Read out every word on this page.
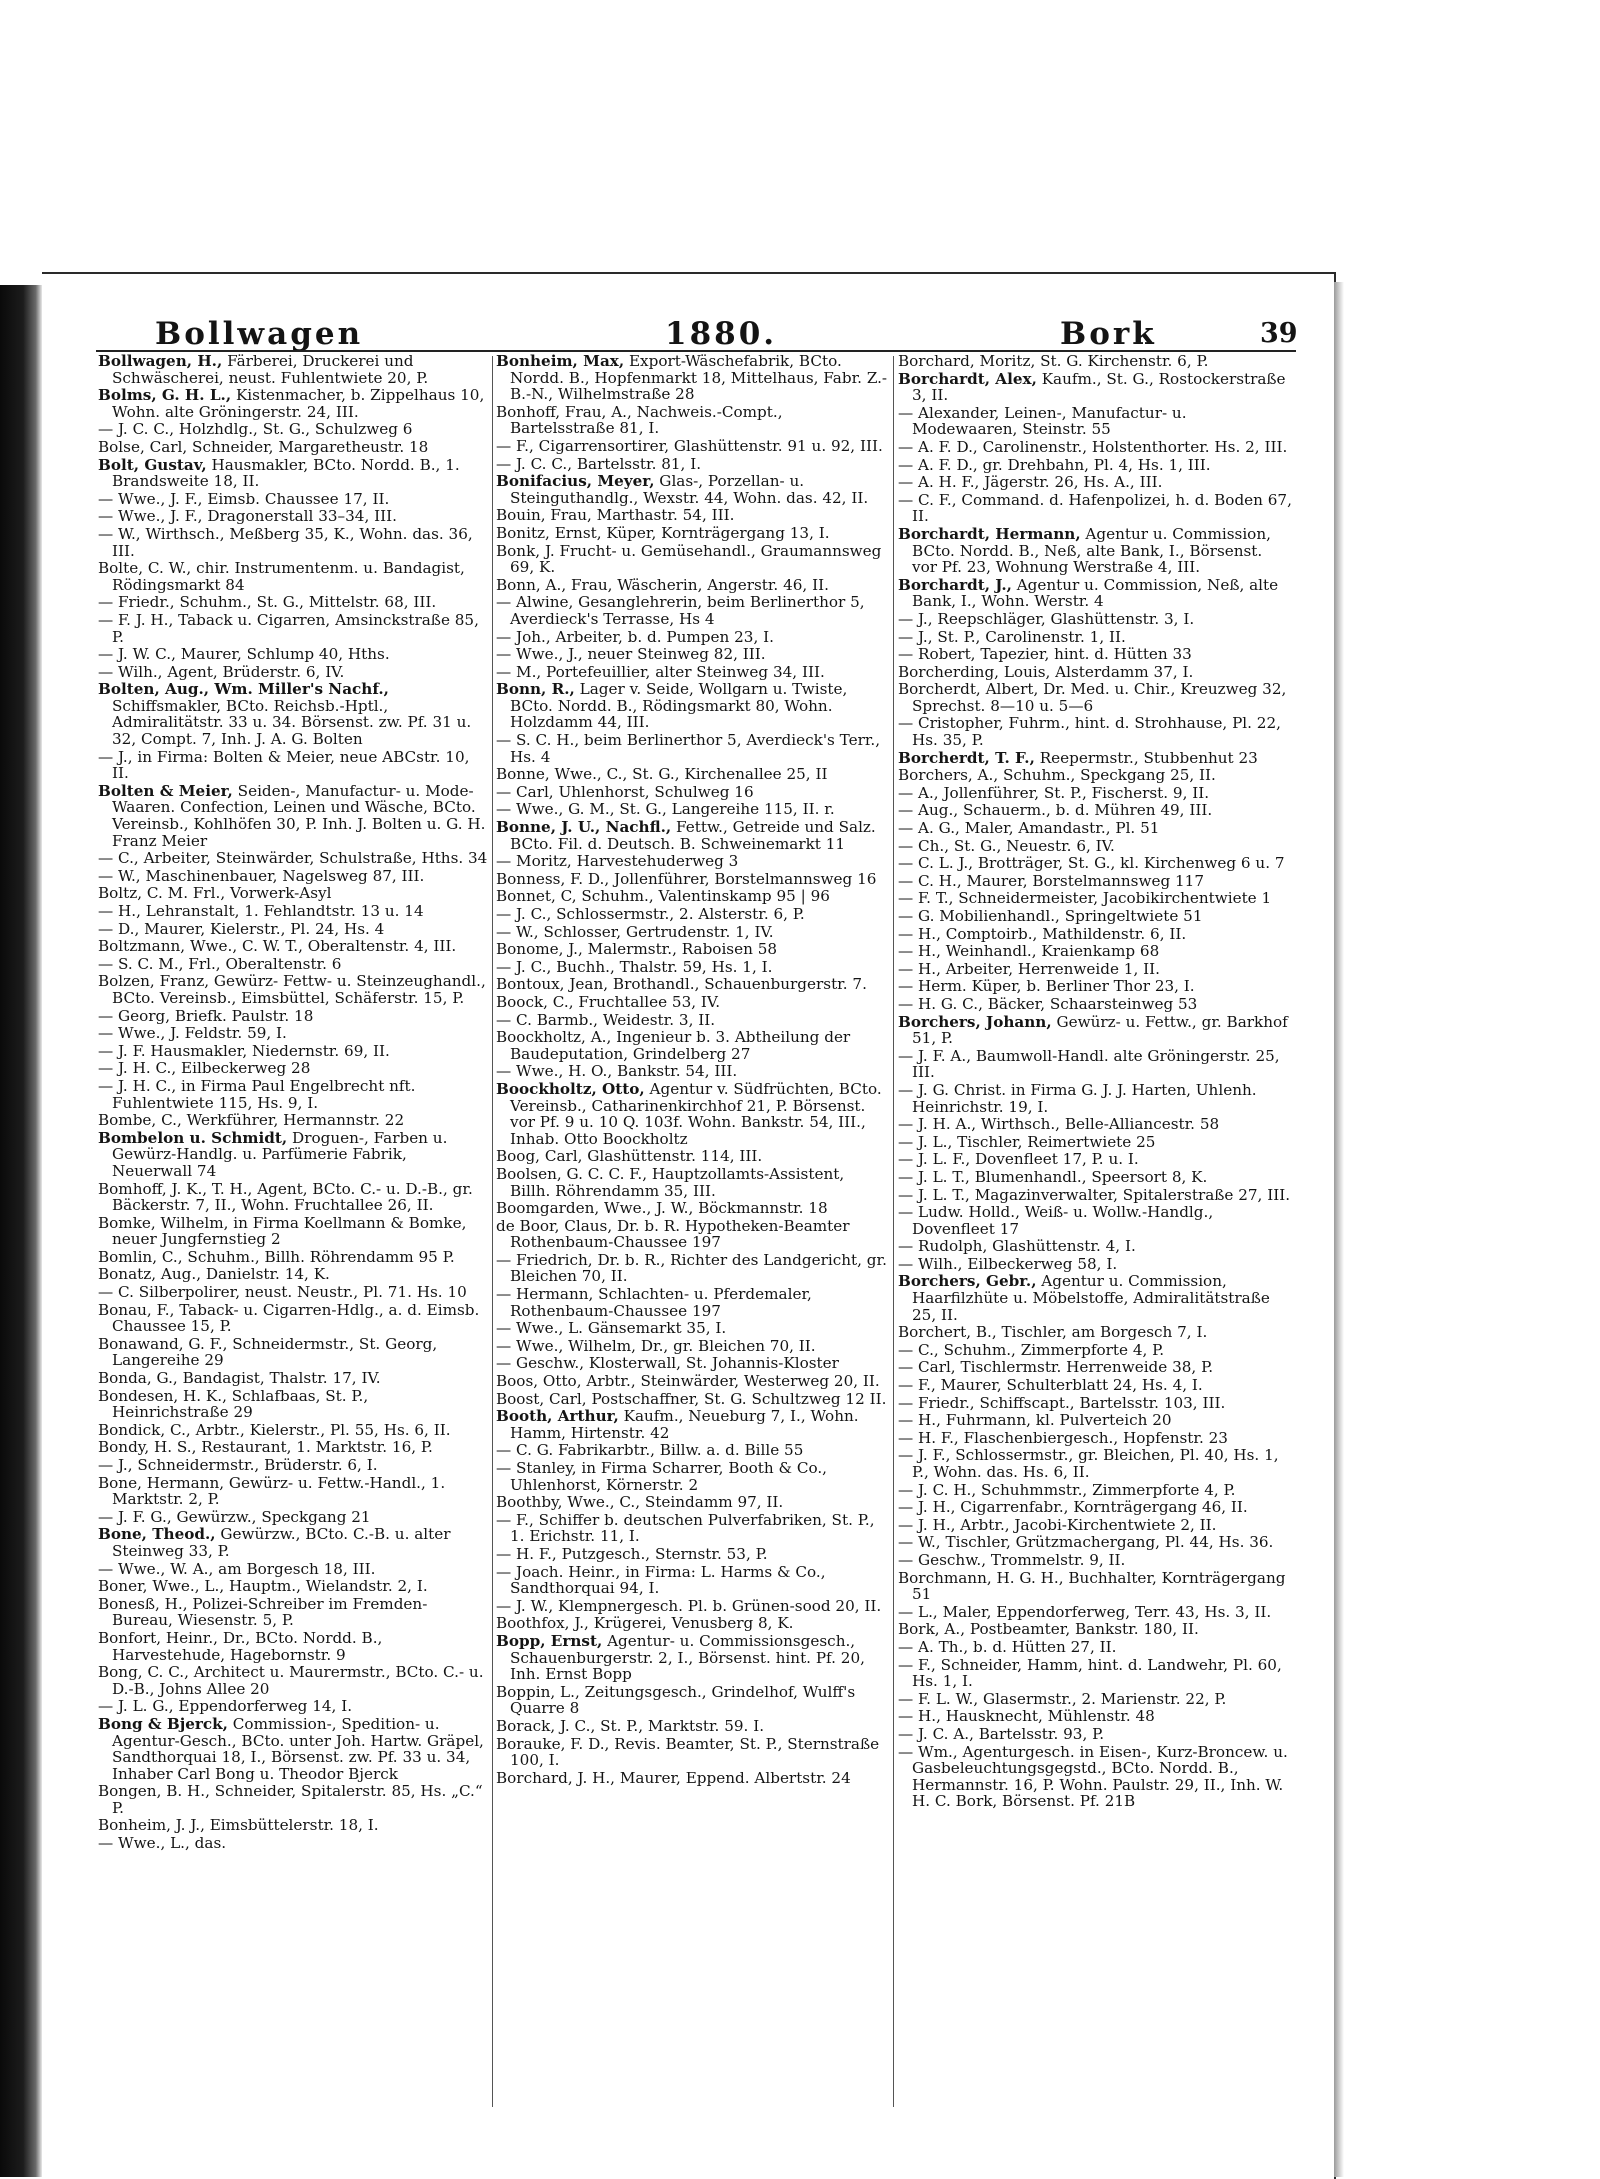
Bollwagen	1880.	Bork	39
Bollwagen, H., Färberei, Druckerei und Schwäscherei, neust. Fuhlentwiete 20, P.
Bolms, G. H. L., Kistenmacher, b. Zippelhaus 10, Wohn. alte Gröningerstr. 24, III.
— J. C. C., Holzhdlg., St. G., Schulzweg 6
Bolse, Carl, Schneider, Margaretheustr. 18
Bolt, Gustav, Hausmakler, BCto. Nordd. B., 1. Brandsweite 18, II.
— Wwe., J. F., Eimsb. Chaussee 17, II.
— Wwe., J. F., Dragonerstall 33–34, III.
— W., Wirthsch., Meßberg 35, K., Wohn. das. 36, III.
Bolte, C. W., chir. Instrumentenm. u. Bandagist, Rödingsmarkt 84
— Friedr., Schuhm., St. G., Mittelstr. 68, III.
— F. J. H., Taback u. Cigarren, Amsinckstraße 85, P.
— J. W. C., Maurer, Schlump 40, Hths.
— Wilh., Agent, Brüderstr. 6, IV.
Bolten, Aug., Wm. Miller's Nachf., Schiffsmakler, BCto. Reichsb.-Hptl., Admiralitätstr. 33 u. 34. Börsenst. zw. Pf. 31 u. 32, Compt. 7, Inh. J. A. G. Bolten
— J., in Firma: Bolten & Meier, neue ABCstr. 10, II.
Bolten & Meier, Seiden-, Manufactur- u. Mode-Waaren. Confection, Leinen und Wäsche, BCto. Vereinsb., Kohlhöfen 30, P. Inh. J. Bolten u. G. H. Franz Meier
— C., Arbeiter, Steinwärder, Schulstraße, Hths. 34
— W., Maschinenbauer, Nagelsweg 87, III.
Boltz, C. M. Frl., Vorwerk-Asyl
— H., Lehranstalt, 1. Fehlandtstr. 13 u. 14
— D., Maurer, Kielerstr., Pl. 24, Hs. 4
Boltzmann, Wwe., C. W. T., Oberaltenstr. 4, III.
— S. C. M., Frl., Oberaltenstr. 6
Bolzen, Franz, Gewürz- Fettw- u. Steinzeughandl., BCto. Vereinsb., Eimsbüttel, Schäferstr. 15, P.
— Georg, Briefk. Paulstr. 18
— Wwe., J. Feldstr. 59, I.
— J. F. Hausmakler, Niedernstr. 69, II.
— J. H. C., Eilbeckerweg 28
— J. H. C., in Firma Paul Engelbrecht nft. Fuhlentwiete 115, Hs. 9, I.
Bombe, C., Werkführer, Hermannstr. 22
Bombelon u. Schmidt, Droguen-, Farben u. Gewürz-Handlg. u. Parfümerie Fabrik, Neuerwall 74
Bomhoff, J. K., T. H., Agent, BCto. C.- u. D.-B., gr. Bäckerstr. 7, II., Wohn. Fruchtallee 26, II.
Bomke, Wilhelm, in Firma Koellmann & Bomke, neuer Jungfernstieg 2
Bomlin, C., Schuhm., Billh. Röhrendamm 95 P.
Bonatz, Aug., Danielstr. 14, K.
— C. Silberpolirer, neust. Neustr., Pl. 71. Hs. 10
Bonau, F., Taback- u. Cigarren-Hdlg., a. d. Eimsb. Chaussee 15, P.
Bonawand, G. F., Schneidermstr., St. Georg, Langereihe 29
Bonda, G., Bandagist, Thalstr. 17, IV.
Bondesen, H. K., Schlafbaas, St. P., Heinrichstraße 29
Bondick, C., Arbtr., Kielerstr., Pl. 55, Hs. 6, II.
Bondy, H. S., Restaurant, 1. Marktstr. 16, P.
— J., Schneidermstr., Brüderstr. 6, I.
Bone, Hermann, Gewürz- u. Fettw.-Handl., 1. Marktstr. 2, P.
— J. F. G., Gewürzw., Speckgang 21
Bone, Theod., Gewürzw., BCto. C.-B. u. alter Steinweg 33, P.
— Wwe., W. A., am Borgesch 18, III.
Boner, Wwe., L., Hauptm., Wielandstr. 2, I.
Bonesß, H., Polizei-Schreiber im Fremden-Bureau, Wiesenstr. 5, P.
Bonfort, Heinr., Dr., BCto. Nordd. B., Harvestehude, Hagebornstr. 9
Bong, C. C., Architect u. Maurermstr., BCto. C.- u. D.-B., Johns Allee 20
— J. L. G., Eppendorferweg 14, I.
Bong & Bjerck, Commission-, Spedition- u. Agentur-Gesch., BCto. unter Joh. Hartw. Gräpel, Sandthorquai 18, I., Börsenst. zw. Pf. 33 u. 34, Inhaber Carl Bong u. Theodor Bjerck
Bongen, B. H., Schneider, Spitalerstr. 85, Hs. „C.“ P.
Bonheim, J. J., Eimsbüttelerstr. 18, I.
— Wwe., L., das.
Bonheim, Max, Export-Wäschefabrik, BCto. Nordd. B., Hopfenmarkt 18, Mittelhaus, Fabr. Z.-B.-N., Wilhelmstraße 28
Bonhoff, Frau, A., Nachweis.-Compt., Bartelsstraße 81, I.
— F., Cigarrensortirer, Glashüttenstr. 91 u. 92, III.
— J. C. C., Bartelsstr. 81, I.
Bonifacius, Meyer, Glas-, Porzellan- u. Steinguthandlg., Wexstr. 44, Wohn. das. 42, II.
Bouin, Frau, Marthastr. 54, III.
Bonitz, Ernst, Küper, Kornträgergang 13, I.
Bonk, J. Frucht- u. Gemüsehandl., Graumannsweg 69, K.
Bonn, A., Frau, Wäscherin, Angerstr. 46, II.
— Alwine, Gesanglehrerin, beim Berlinerthor 5, Averdieck's Terrasse, Hs 4
— Joh., Arbeiter, b. d. Pumpen 23, I.
— Wwe., J., neuer Steinweg 82, III.
— M., Portefeuillier, alter Steinweg 34, III.
Bonn, R., Lager v. Seide, Wollgarn u. Twiste, BCto. Nordd. B., Rödingsmarkt 80, Wohn. Holzdamm 44, III.
— S. C. H., beim Berlinerthor 5, Averdieck's Terr., Hs. 4
Bonne, Wwe., C., St. G., Kirchenallee 25, II
— Carl, Uhlenhorst, Schulweg 16
— Wwe., G. M., St. G., Langereihe 115, II. r.
Bonne, J. U., Nachfl., Fettw., Getreide und Salz. BCto. Fil. d. Deutsch. B. Schweinemarkt 11
— Moritz, Harvestehuderweg 3
Bonness, F. D., Jollenführer, Borstelmannsweg 16
Bonnet, C, Schuhm., Valentinskamp 95 | 96
— J. C., Schlossermstr., 2. Alsterstr. 6, P.
— W., Schlosser, Gertrudenstr. 1, IV.
Bonome, J., Malermstr., Raboisen 58
— J. C., Buchh., Thalstr. 59, Hs. 1, I.
Bontoux, Jean, Brothandl., Schauenburgerstr. 7.
Boock, C., Fruchtallee 53, IV.
— C. Barmb., Weidestr. 3, II.
Boockholtz, A., Ingenieur b. 3. Abtheilung der Baudeputation, Grindelberg 27
— Wwe., H. O., Bankstr. 54, III.
Boockholtz, Otto, Agentur v. Südfrüchten, BCto. Vereinsb., Catharinenkirchhof 21, P. Börsenst. vor Pf. 9 u. 10 Q. 103f. Wohn. Bankstr. 54, III., Inhab. Otto Boockholtz
Boog, Carl, Glashüttenstr. 114, III.
Boolsen, G. C. C. F., Hauptzollamts-Assistent, Billh. Röhrendamm 35, III.
Boomgarden, Wwe., J. W., Böckmannstr. 18
de Boor, Claus, Dr. b. R. Hypotheken-Beamter Rothenbaum-Chaussee 197
— Friedrich, Dr. b. R., Richter des Landgericht, gr. Bleichen 70, II.
— Hermann, Schlachten- u. Pferdemaler, Rothenbaum-Chaussee 197
— Wwe., L. Gänsemarkt 35, I.
— Wwe., Wilhelm, Dr., gr. Bleichen 70, II.
— Geschw., Klosterwall, St. Johannis-Kloster
Boos, Otto, Arbtr., Steinwärder, Westerweg 20, II.
Boost, Carl, Postschaffner, St. G. Schultzweg 12 II.
Booth, Arthur, Kaufm., Neueburg 7, I., Wohn. Hamm, Hirtenstr. 42
— C. G. Fabrikarbtr., Billw. a. d. Bille 55
— Stanley, in Firma Scharrer, Booth & Co., Uhlenhorst, Körnerstr. 2
Boothby, Wwe., C., Steindamm 97, II.
— F., Schiffer b. deutschen Pulverfabriken, St. P., 1. Erichstr. 11, I.
— H. F., Putzgesch., Sternstr. 53, P.
— Joach. Heinr., in Firma: L. Harms & Co., Sandthorquai 94, I.
— J. W., Klempnergesch. Pl. b. Grünen-sood 20, II.
Boothfox, J., Krügerei, Venusberg 8, K.
Bopp, Ernst, Agentur- u. Commissionsgesch., Schauenburgerstr. 2, I., Börsenst. hint. Pf. 20, Inh. Ernst Bopp
Boppin, L., Zeitungsgesch., Grindelhof, Wulff's Quarre 8
Borack, J. C., St. P., Marktstr. 59. I.
Borauke, F. D., Revis. Beamter, St. P., Sternstraße 100, I.
Borchard, J. H., Maurer, Eppend. Albertstr. 24
Borchard, Moritz, St. G. Kirchenstr. 6, P.
Borchardt, Alex, Kaufm., St. G., Rostockerstraße 3, II.
— Alexander, Leinen-, Manufactur- u. Modewaaren, Steinstr. 55
— A. F. D., Carolinenstr., Holstenthorter. Hs. 2, III.
— A. F. D., gr. Drehbahn, Pl. 4, Hs. 1, III.
— A. H. F., Jägerstr. 26, Hs. A., III.
— C. F., Command. d. Hafenpolizei, h. d. Boden 67, II.
Borchardt, Hermann, Agentur u. Commission, BCto. Nordd. B., Neß, alte Bank, I., Börsenst. vor Pf. 23, Wohnung Werstraße 4, III.
Borchardt, J., Agentur u. Commission, Neß, alte Bank, I., Wohn. Werstr. 4
— J., Reepschläger, Glashüttenstr. 3, I.
— J., St. P., Carolinenstr. 1, II.
— Robert, Tapezier, hint. d. Hütten 33
Borcherding, Louis, Alsterdamm 37, I.
Borcherdt, Albert, Dr. Med. u. Chir., Kreuzweg 32, Sprechst. 8—10 u. 5—6
— Cristopher, Fuhrm., hint. d. Strohhause, Pl. 22, Hs. 35, P.
Borcherdt, T. F., Reepermstr., Stubbenhut 23
Borchers, A., Schuhm., Speckgang 25, II.
— A., Jollenführer, St. P., Fischerst. 9, II.
— Aug., Schauerm., b. d. Mühren 49, III.
— A. G., Maler, Amandastr., Pl. 51
— Ch., St. G., Neuestr. 6, IV.
— C. L. J., Brotträger, St. G., kl. Kirchenweg 6 u. 7
— C. H., Maurer, Borstelmannsweg 117
— F. T., Schneidermeister, Jacobikirchentwiete 1
— G. Mobilienhandl., Springeltwiete 51
— H., Comptoirb., Mathildenstr. 6, II.
— H., Weinhandl., Kraienkamp 68
— H., Arbeiter, Herrenweide 1, II.
— Herm. Küper, b. Berliner Thor 23, I.
— H. G. C., Bäcker, Schaarsteinweg 53
Borchers, Johann, Gewürz- u. Fettw., gr. Barkhof 51, P.
— J. F. A., Baumwoll-Handl. alte Gröningerstr. 25, III.
— J. G. Christ. in Firma G. J. J. Harten, Uhlenh. Heinrichstr. 19, I.
— J. H. A., Wirthsch., Belle-Alliancestr. 58
— J. L., Tischler, Reimertwiete 25
— J. L. F., Dovenfleet 17, P. u. I.
— J. L. T., Blumenhandl., Speersort 8, K.
— J. L. T., Magazinverwalter, Spitalerstraße 27, III.
— Ludw. Holld., Weiß- u. Wollw.-Handlg., Dovenfleet 17
— Rudolph, Glashüttenstr. 4, I.
— Wilh., Eilbeckerweg 58, I.
Borchers, Gebr., Agentur u. Commission, Haarfilzhüte u. Möbelstoffe, Admiralitätstraße 25, II.
Borchert, B., Tischler, am Borgesch 7, I.
— C., Schuhm., Zimmerpforte 4, P.
— Carl, Tischlermstr. Herrenweide 38, P.
— F., Maurer, Schulterblatt 24, Hs. 4, I.
— Friedr., Schiffscapt., Bartelsstr. 103, III.
— H., Fuhrmann, kl. Pulverteich 20
— H. F., Flaschenbiergesch., Hopfenstr. 23
— J. F., Schlossermstr., gr. Bleichen, Pl. 40, Hs. 1, P., Wohn. das. Hs. 6, II.
— J. C. H., Schuhmmstr., Zimmerpforte 4, P.
— J. H., Cigarrenfabr., Kornträgergang 46, II.
— J. H., Arbtr., Jacobi-Kirchentwiete 2, II.
— W., Tischler, Grützmachergang, Pl. 44, Hs. 36.
— Geschw., Trommelstr. 9, II.
Borchmann, H. G. H., Buchhalter, Kornträgergang 51
— L., Maler, Eppendorferweg, Terr. 43, Hs. 3, II.
Bork, A., Postbeamter, Bankstr. 180, II.
— A. Th., b. d. Hütten 27, II.
— F., Schneider, Hamm, hint. d. Landwehr, Pl. 60, Hs. 1, I.
— F. L. W., Glasermstr., 2. Marienstr. 22, P.
— H., Hausknecht, Mühlenstr. 48
— J. C. A., Bartelsstr. 93, P.
— Wm., Agenturgesch. in Eisen-, Kurz-Broncew. u. Gasbeleuchtungsgegstd., BCto. Nordd. B., Hermannstr. 16, P. Wohn. Paulstr. 29, II., Inh. W. H. C. Bork, Börsenst. Pf. 21B
